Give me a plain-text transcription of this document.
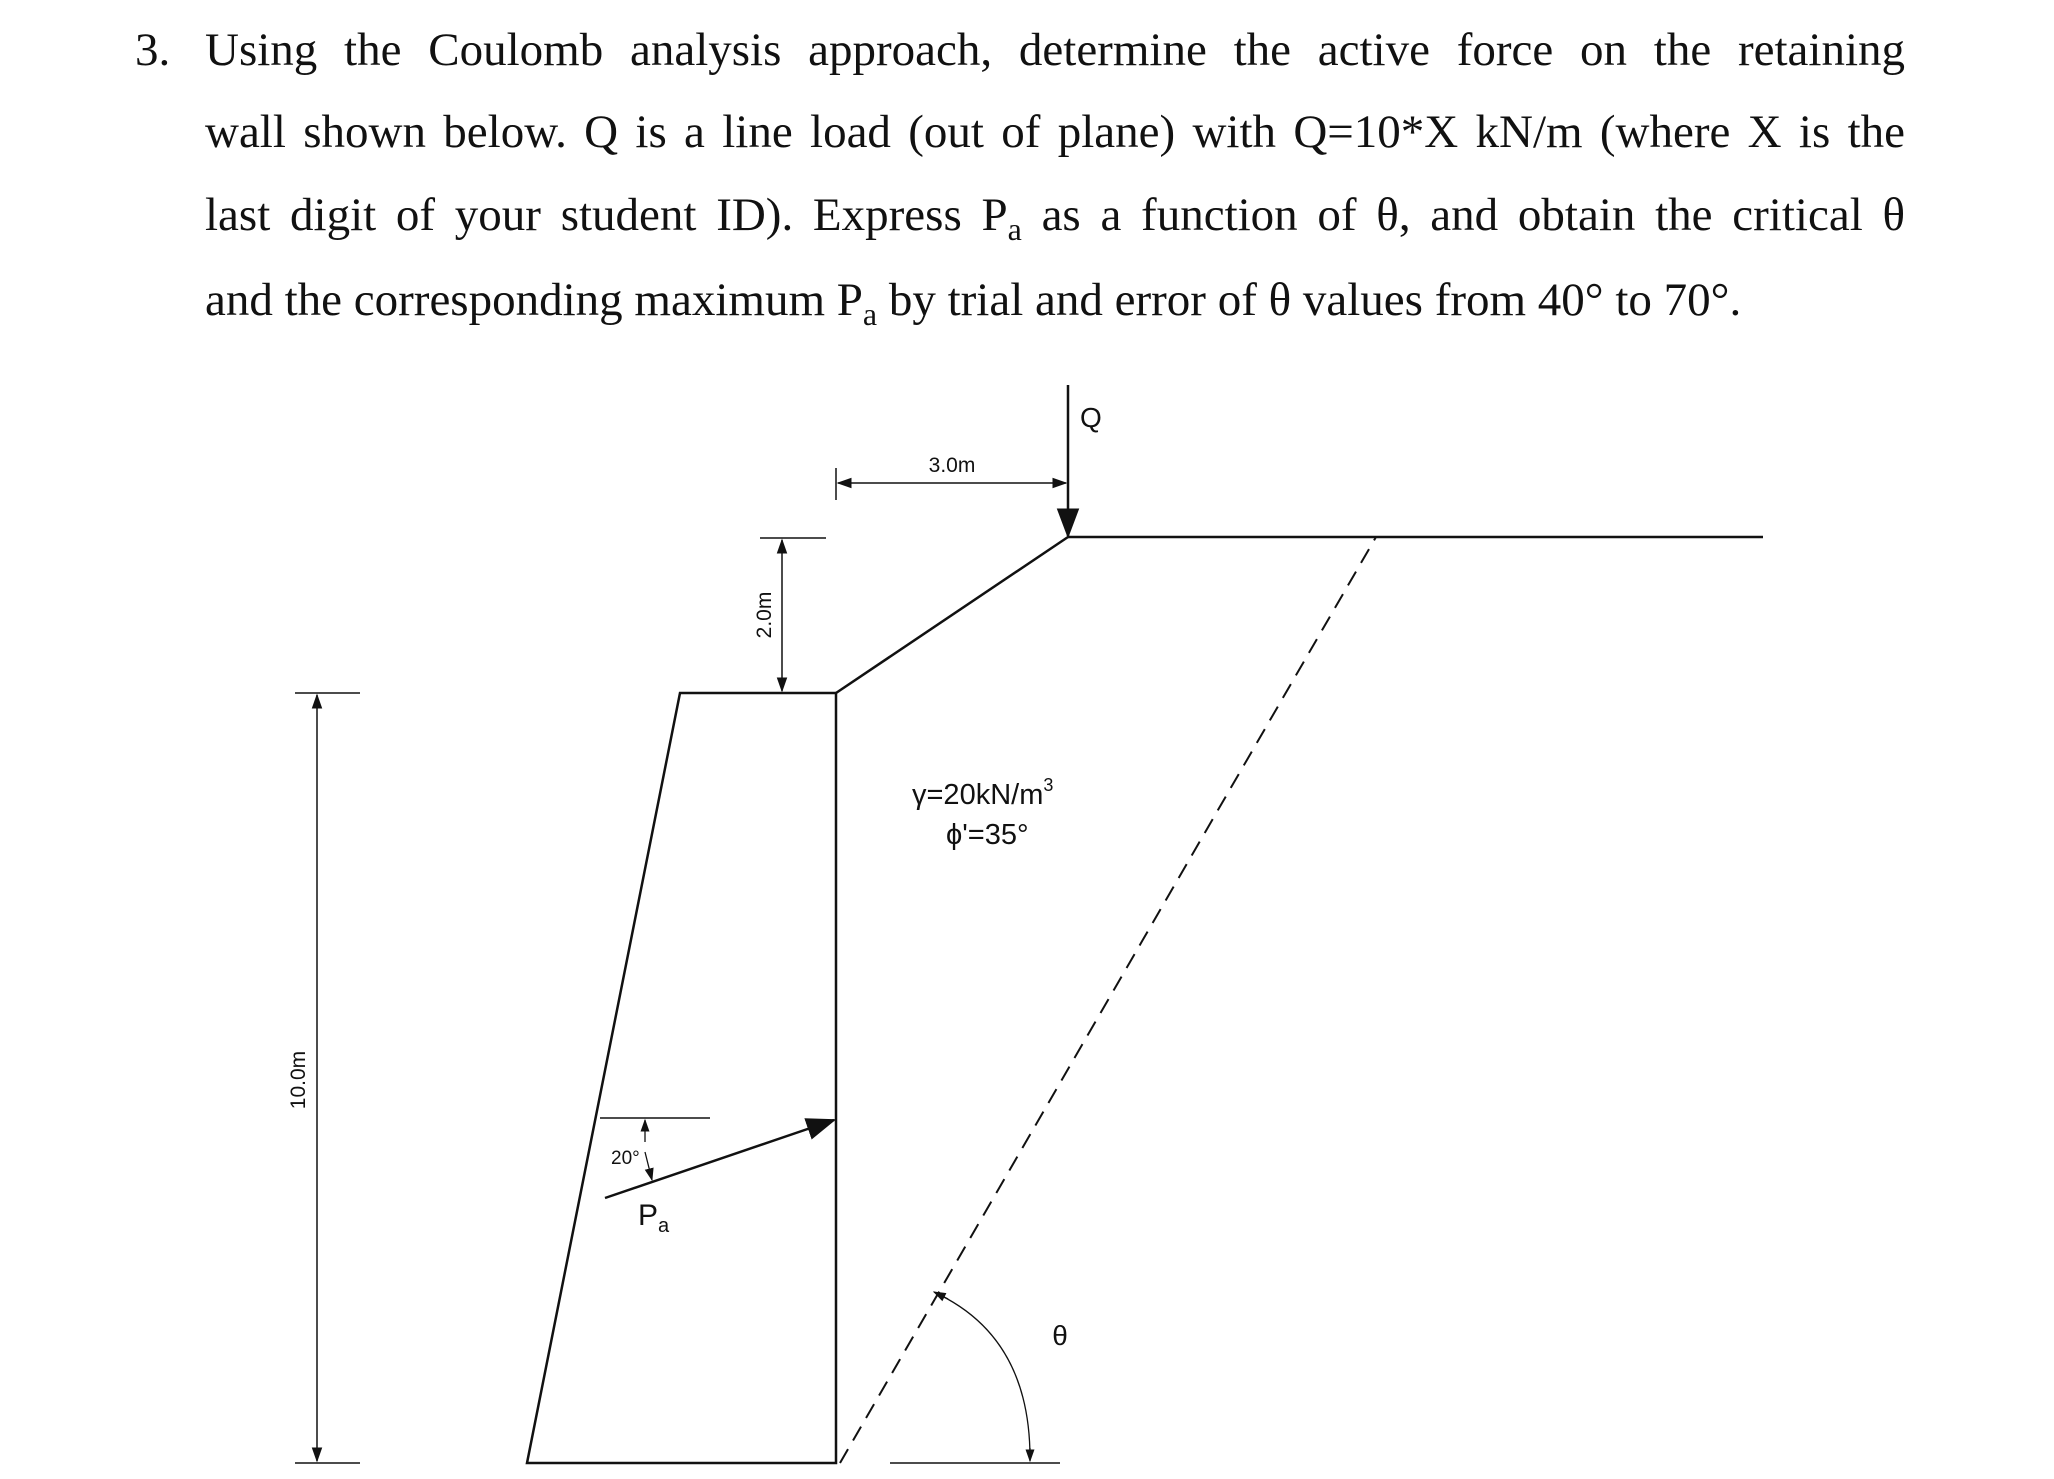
3. Using the Coulomb analysis approach, determine the active force on the retaining
wall shown below. Q is a line load (out of plane) with Q=10*X kN/m (where X is the
last digit of your student ID). Express $P_a$ as a function of θ, and obtain the critical θ
and the corresponding maximum $P_a$ by trial and error of θ values from 40° to 70°.
Q
3.0m
2.0m
10.0m
$\gamma=20kN/m^3$
ϕ'=35°
20°
$P_a$
θ
